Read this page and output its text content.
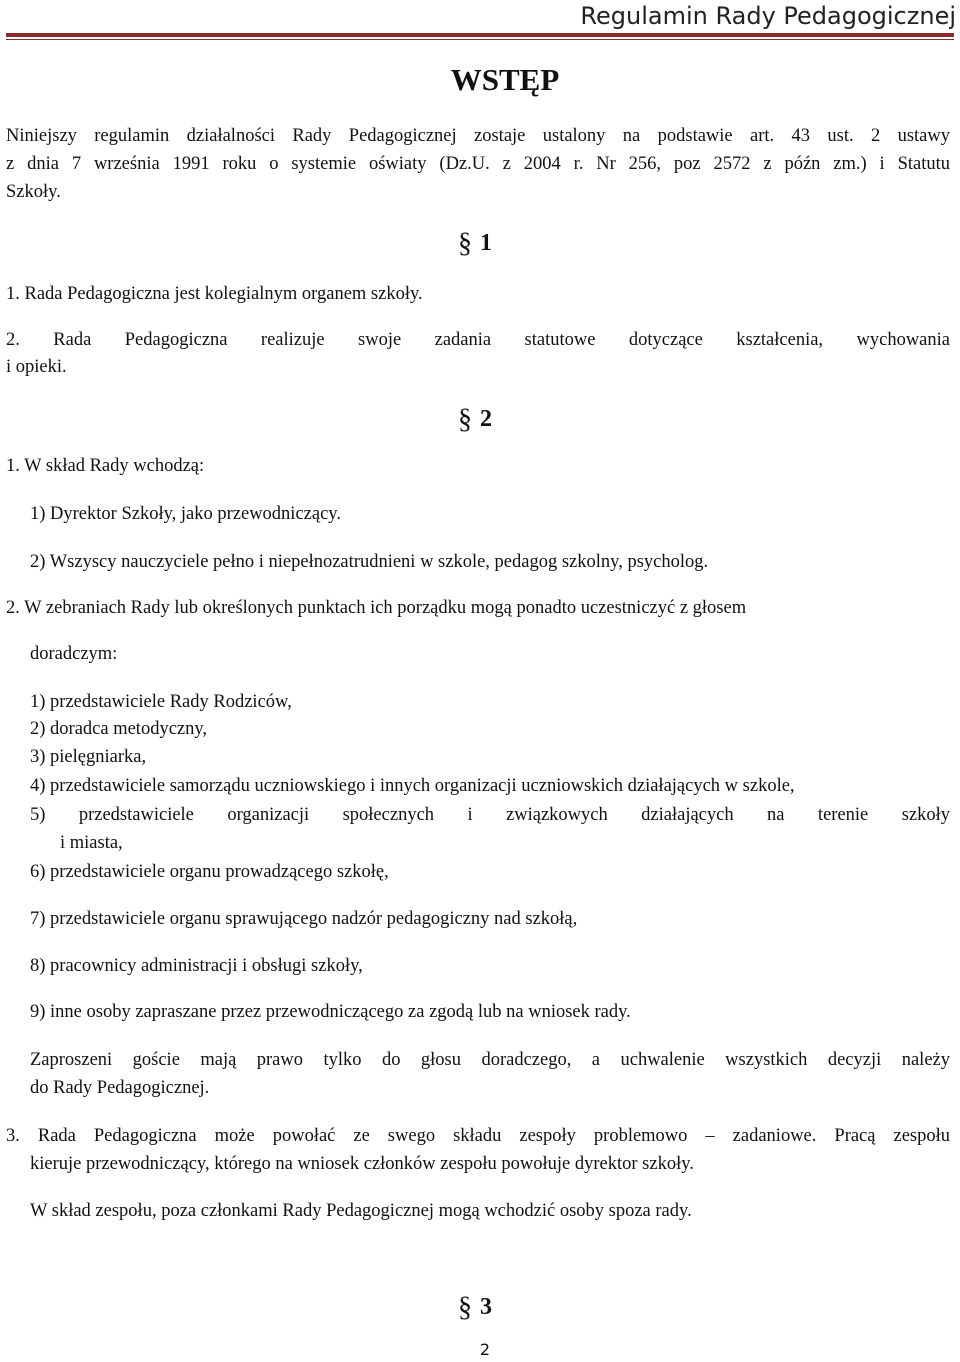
Regulamin Rady Pedagogicznej
WSTĘP
Niniejszy regulamin działalności Rady Pedagogicznej zostaje ustalony na podstawie art. 43 ust. 2 ustawy
z dnia 7 września 1991 roku o systemie oświaty (Dz.U. z 2004 r. Nr 256, poz 2572 z późn zm.) i Statutu
Szkoły.
§ 1
1. Rada Pedagogiczna jest kolegialnym organem szkoły.
2. Rada Pedagogiczna realizuje swoje zadania statutowe dotyczące kształcenia, wychowania
i opieki.
§ 2
1. W skład Rady wchodzą:
1) Dyrektor Szkoły, jako przewodniczący.
2) Wszyscy nauczyciele pełno i niepełnozatrudnieni w szkole, pedagog szkolny, psycholog.
2. W zebraniach Rady lub określonych punktach ich porządku mogą ponadto uczestniczyć z głosem
doradczym:
1) przedstawiciele Rady Rodziców,
2) doradca metodyczny,
3) pielęgniarka,
4) przedstawiciele samorządu uczniowskiego i innych organizacji uczniowskich działających w szkole,
5) przedstawiciele organizacji społecznych i związkowych działających na terenie szkoły
i miasta,
6) przedstawiciele organu prowadzącego szkołę,
7) przedstawiciele organu sprawującego nadzór pedagogiczny nad szkołą,
8) pracownicy administracji i obsługi szkoły,
9) inne osoby zapraszane przez przewodniczącego za zgodą lub na wniosek rady.
Zaproszeni goście mają prawo tylko do głosu doradczego, a uchwalenie wszystkich decyzji należy
do Rady Pedagogicznej.
3. Rada Pedagogiczna może powołać ze swego składu zespoły problemowo – zadaniowe. Pracą zespołu
kieruje przewodniczący, którego na wniosek członków zespołu powołuje dyrektor szkoły.
W skład zespołu, poza członkami Rady Pedagogicznej mogą wchodzić osoby spoza rady.
§ 3
2
